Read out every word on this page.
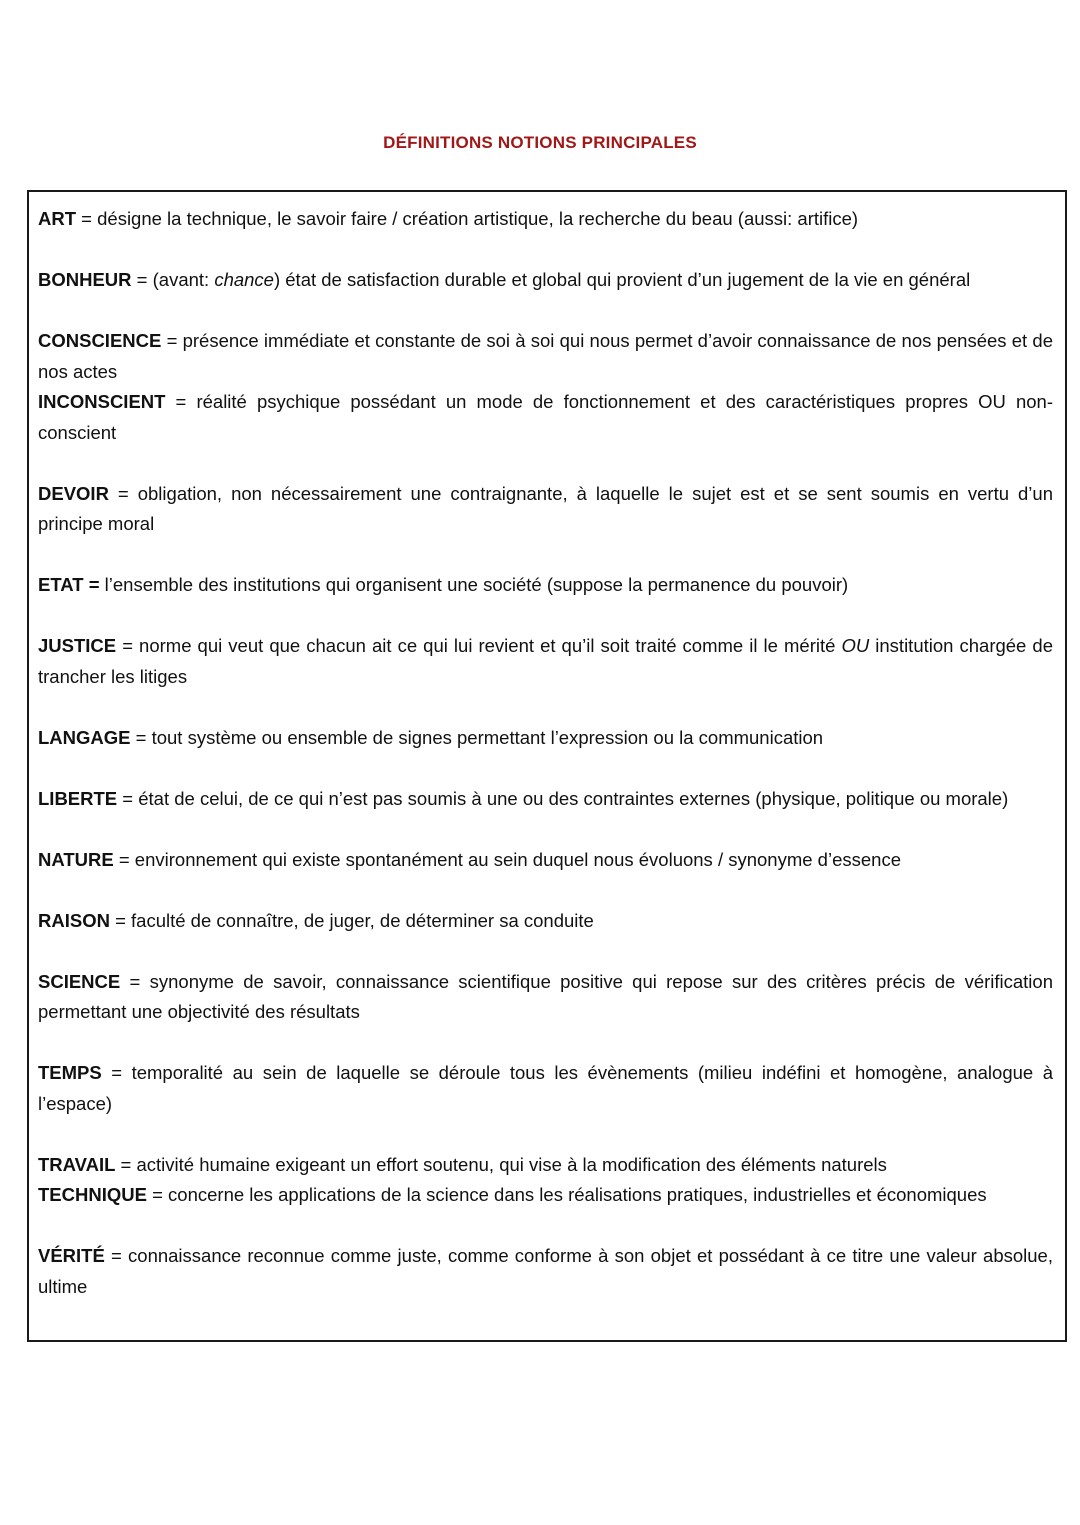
DÉFINITIONS NOTIONS PRINCIPALES

ART = désigne la technique, le savoir faire / création artistique, la recherche du beau (aussi: artifice)

BONHEUR = (avant: chance) état de satisfaction durable et global qui provient d’un jugement de la vie en général

CONSCIENCE = présence immédiate et constante de soi à soi qui nous permet d’avoir connaissance de nos pensées et de nos actes

INCONSCIENT = réalité psychique possédant un mode de fonctionnement et des caractéristiques propres OU non-conscient

DEVOIR = obligation, non nécessairement une contraignante, à laquelle le sujet est et se sent soumis en vertu d’un principe moral

ETAT = l’ensemble des institutions qui organisent une société (suppose la permanence du pouvoir)

JUSTICE = norme qui veut que chacun ait ce qui lui revient et qu’il soit traité comme il le mérité OU institution chargée de trancher les litiges

LANGAGE = tout système ou ensemble de signes permettant l’expression ou la communication

LIBERTE = état de celui, de ce qui n’est pas soumis à une ou des contraintes externes (physique, politique ou morale)

NATURE = environnement qui existe spontanément au sein duquel nous évoluons / synonyme d’essence

RAISON = faculté de connaître, de juger, de déterminer sa conduite

SCIENCE = synonyme de savoir, connaissance scientifique positive qui repose sur des critères précis de vérification permettant une objectivité des résultats

TEMPS = temporalité au sein de laquelle se déroule tous les évènements (milieu indéfini et homogène, analogue à l’espace)

TRAVAIL = activité humaine exigeant un effort soutenu, qui vise à la modification des éléments naturels

TECHNIQUE = concerne les applications de la science dans les réalisations pratiques, industrielles et économiques

VÉRITÉ = connaissance reconnue comme juste, comme conforme à son objet et possédant à ce titre une valeur absolue, ultime
